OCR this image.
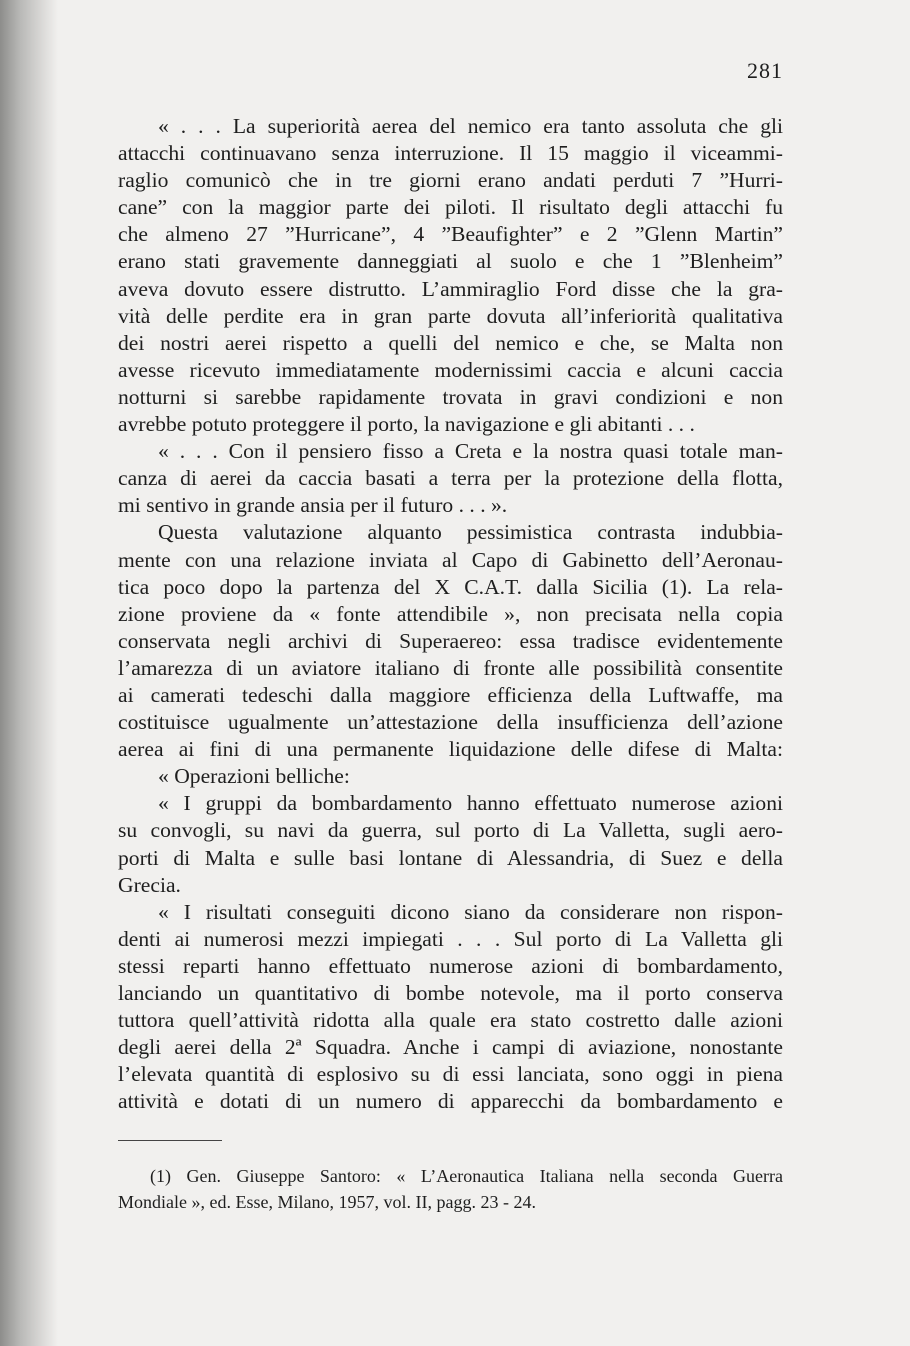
281
« . . . La superiorità aerea del nemico era tanto assoluta che gli
attacchi continuavano senza interruzione. Il 15 maggio il viceammi-
raglio comunicò che in tre giorni erano andati perduti 7 ”Hurri-
cane” con la maggior parte dei piloti. Il risultato degli attacchi fu
che almeno 27 ”Hurricane”, 4 ”Beaufighter” e 2 ”Glenn Martin”
erano stati gravemente danneggiati al suolo e che 1 ”Blenheim”
aveva dovuto essere distrutto. L’ammiraglio Ford disse che la gra-
vità delle perdite era in gran parte dovuta all’inferiorità qualitativa
dei nostri aerei rispetto a quelli del nemico e che, se Malta non
avesse ricevuto immediatamente modernissimi caccia e alcuni caccia
notturni si sarebbe rapidamente trovata in gravi condizioni e non
avrebbe potuto proteggere il porto, la navigazione e gli abitanti . . .
« . . . Con il pensiero fisso a Creta e la nostra quasi totale man-
canza di aerei da caccia basati a terra per la protezione della flotta,
mi sentivo in grande ansia per il futuro . . . ».
Questa valutazione alquanto pessimistica contrasta indubbia-
mente con una relazione inviata al Capo di Gabinetto dell’Aeronau-
tica poco dopo la partenza del X C.A.T. dalla Sicilia (1). La rela-
zione proviene da « fonte attendibile », non precisata nella copia
conservata negli archivi di Superaereo: essa tradisce evidentemente
l’amarezza di un aviatore italiano di fronte alle possibilità consentite
ai camerati tedeschi dalla maggiore efficienza della Luftwaffe, ma
costituisce ugualmente un’attestazione della insufficienza dell’azione
aerea ai fini di una permanente liquidazione delle difese di Malta:
« Operazioni belliche:
« I gruppi da bombardamento hanno effettuato numerose azioni
su convogli, su navi da guerra, sul porto di La Valletta, sugli aero-
porti di Malta e sulle basi lontane di Alessandria, di Suez e della
Grecia.
« I risultati conseguiti dicono siano da considerare non rispon-
denti ai numerosi mezzi impiegati . . . Sul porto di La Valletta gli
stessi reparti hanno effettuato numerose azioni di bombardamento,
lanciando un quantitativo di bombe notevole, ma il porto conserva
tuttora quell’attività ridotta alla quale era stato costretto dalle azioni
degli aerei della 2ª Squadra. Anche i campi di aviazione, nonostante
l’elevata quantità di esplosivo su di essi lanciata, sono oggi in piena
attività e dotati di un numero di apparecchi da bombardamento e
(1) Gen. Giuseppe Santoro: « L’Aeronautica Italiana nella seconda Guerra
Mondiale », ed. Esse, Milano, 1957, vol. II, pagg. 23 - 24.
